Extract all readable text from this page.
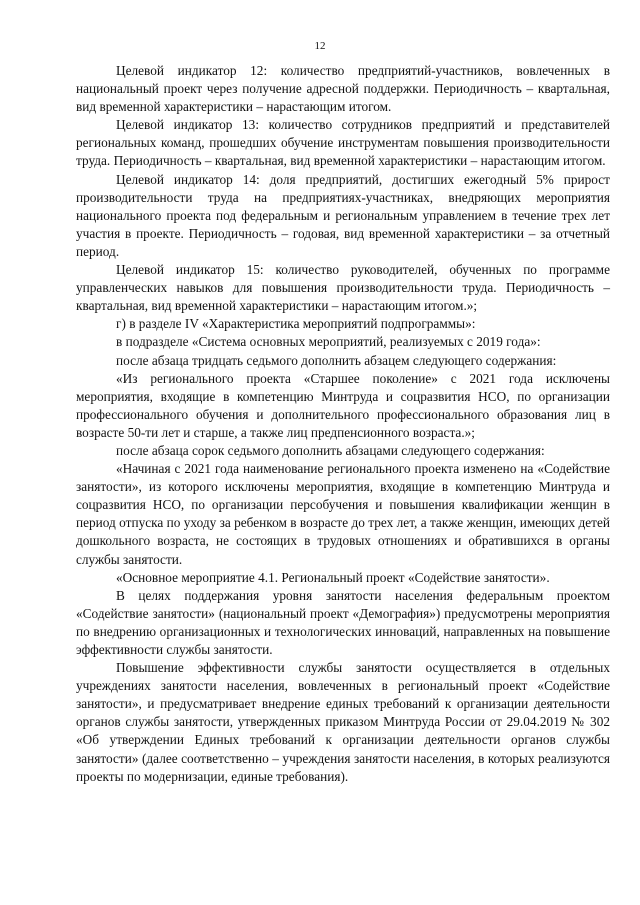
12

Целевой индикатор 12: количество предприятий-участников, вовлеченных в национальный проект через получение адресной поддержки. Периодичность – квартальная, вид временной характеристики – нарастающим итогом.

Целевой индикатор 13: количество сотрудников предприятий и представителей региональных команд, прошедших обучение инструментам повышения производительности труда. Периодичность – квартальная, вид временной характеристики – нарастающим итогом.

Целевой индикатор 14: доля предприятий, достигших ежегодный 5% прирост производительности труда на предприятиях-участниках, внедряющих мероприятия национального проекта под федеральным и региональным управлением в течение трех лет участия в проекте. Периодичность – годовая, вид временной характеристики – за отчетный период.

Целевой индикатор 15: количество руководителей, обученных по программе управленческих навыков для повышения производительности труда. Периодичность – квартальная, вид временной характеристики – нарастающим итогом.»;

г) в разделе IV «Характеристика мероприятий подпрограммы»:

в подразделе «Система основных мероприятий, реализуемых с 2019 года»:

после абзаца тридцать седьмого дополнить абзацем следующего содержания:

«Из регионального проекта «Старшее поколение» с 2021 года исключены мероприятия, входящие в компетенцию Минтруда и соцразвития НСО, по организации профессионального обучения и дополнительного профессионального образования лиц в возрасте 50-ти лет и старше, а также лиц предпенсионного возраста.»;

после абзаца сорок седьмого дополнить абзацами следующего содержания:

«Начиная с 2021 года наименование регионального проекта изменено на «Содействие занятости», из которого исключены мероприятия, входящие в компетенцию Минтруда и соцразвития НСО, по организации персобучения и повышения квалификации женщин в период отпуска по уходу за ребенком в возрасте до трех лет, а также женщин, имеющих детей дошкольного возраста, не состоящих в трудовых отношениях и обратившихся в органы службы занятости.

«Основное мероприятие 4.1. Региональный проект «Содействие занятости».

В целях поддержания уровня занятости населения федеральным проектом «Содействие занятости» (национальный проект «Демография») предусмотрены мероприятия по внедрению организационных и технологических инноваций, направленных на повышение эффективности службы занятости.

Повышение эффективности службы занятости осуществляется в отдельных учреждениях занятости населения, вовлеченных в региональный проект «Содействие занятости», и предусматривает внедрение единых требований к организации деятельности органов службы занятости, утвержденных приказом Минтруда России от 29.04.2019 № 302 «Об утверждении Единых требований к организации деятельности органов службы занятости» (далее соответственно – учреждения занятости населения, в которых реализуются проекты по модернизации, единые требования).
